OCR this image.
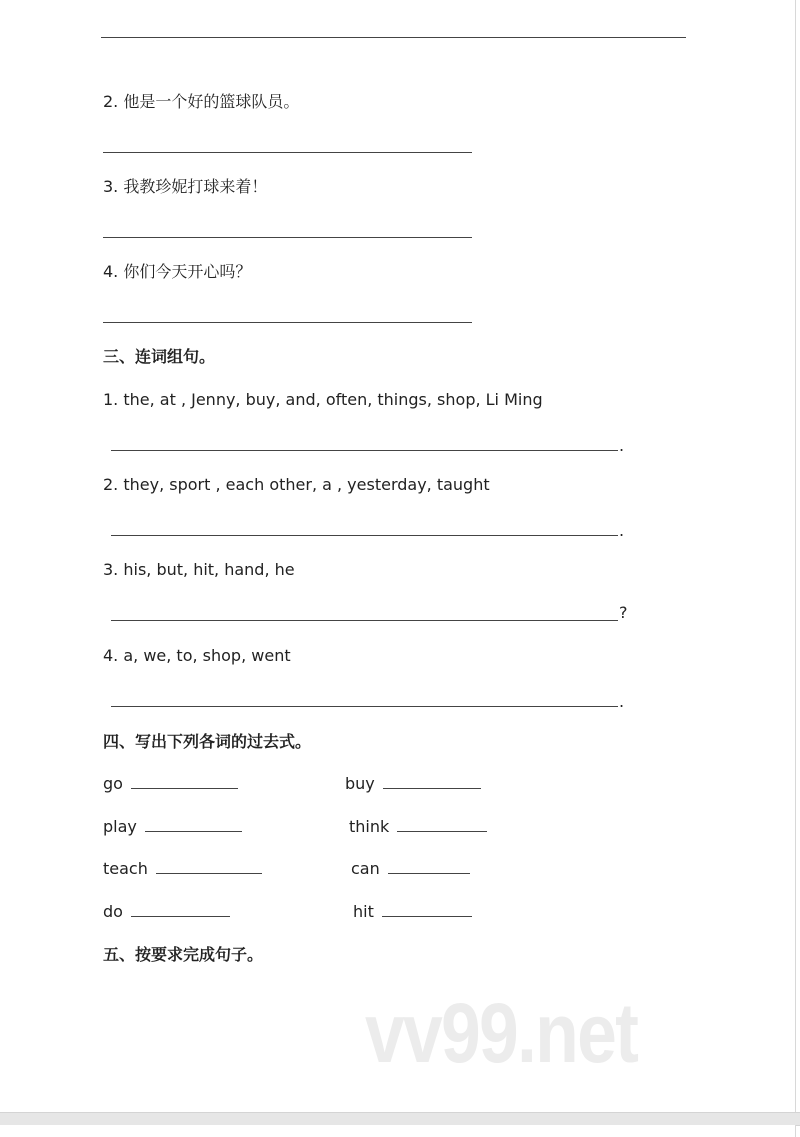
2. 他是一个好的篮球队员。
3. 我教珍妮打球来着！
4. 你们今天开心吗？
三、连词组句。
1. the, at , Jenny, buy, and, often, things, shop, Li Ming
.
2. they, sport , each other, a , yesterday, taught
.
3. his, but, hit, hand, he
?
4. a, we, to, shop, went
.
四、写出下列各词的过去式。
go	buy
play	think
teach	can
do	hit
五、按要求完成句子。
vv99.net
